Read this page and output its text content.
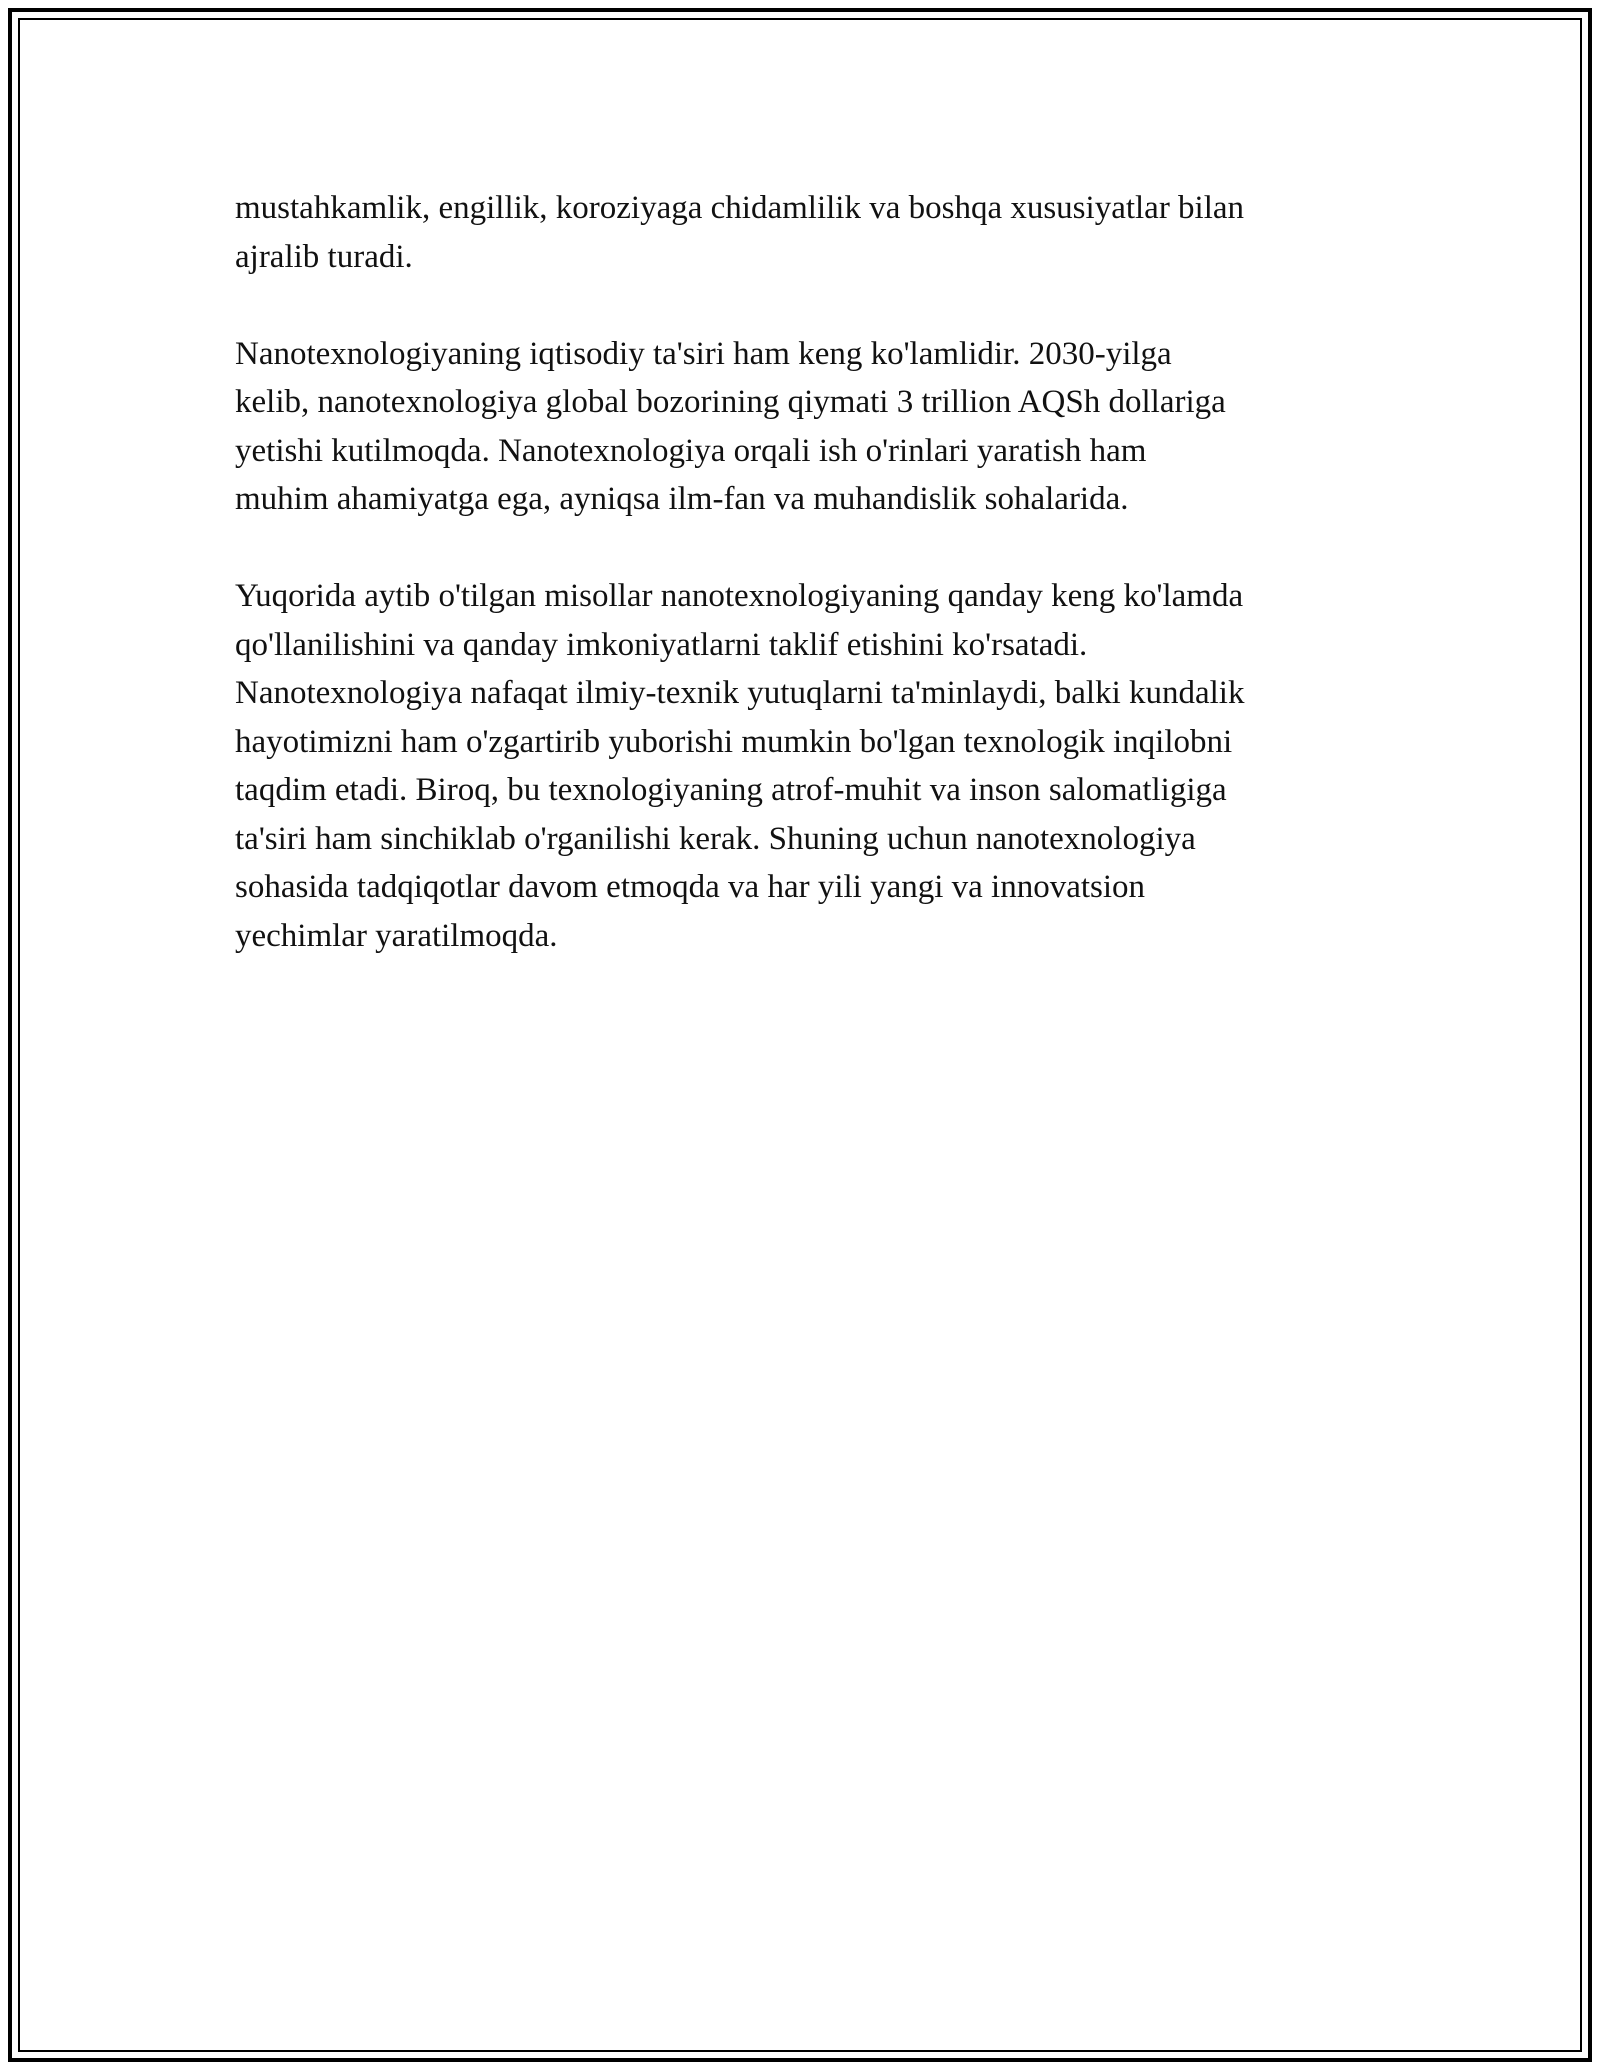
mustahkamlik, engillik, koroziyaga chidamlilik va boshqa xususiyatlar bilan
ajralib turadi.

Nanotexnologiyaning iqtisodiy ta'siri ham keng ko'lamlidir. 2030-yilga
kelib, nanotexnologiya global bozorining qiymati 3 trillion AQSh dollariga
yetishi kutilmoqda. Nanotexnologiya orqali ish o'rinlari yaratish ham
muhim ahamiyatga ega, ayniqsa ilm-fan va muhandislik sohalarida.

Yuqorida aytib o'tilgan misollar nanotexnologiyaning qanday keng ko'lamda
qo'llanilishini va qanday imkoniyatlarni taklif etishini ko'rsatadi.
Nanotexnologiya nafaqat ilmiy-texnik yutuqlarni ta'minlaydi, balki kundalik
hayotimizni ham o'zgartirib yuborishi mumkin bo'lgan texnologik inqilobni
taqdim etadi. Biroq, bu texnologiyaning atrof-muhit va inson salomatligiga
ta'siri ham sinchiklab o'rganilishi kerak. Shuning uchun nanotexnologiya
sohasida tadqiqotlar davom etmoqda va har yili yangi va innovatsion
yechimlar yaratilmoqda.
